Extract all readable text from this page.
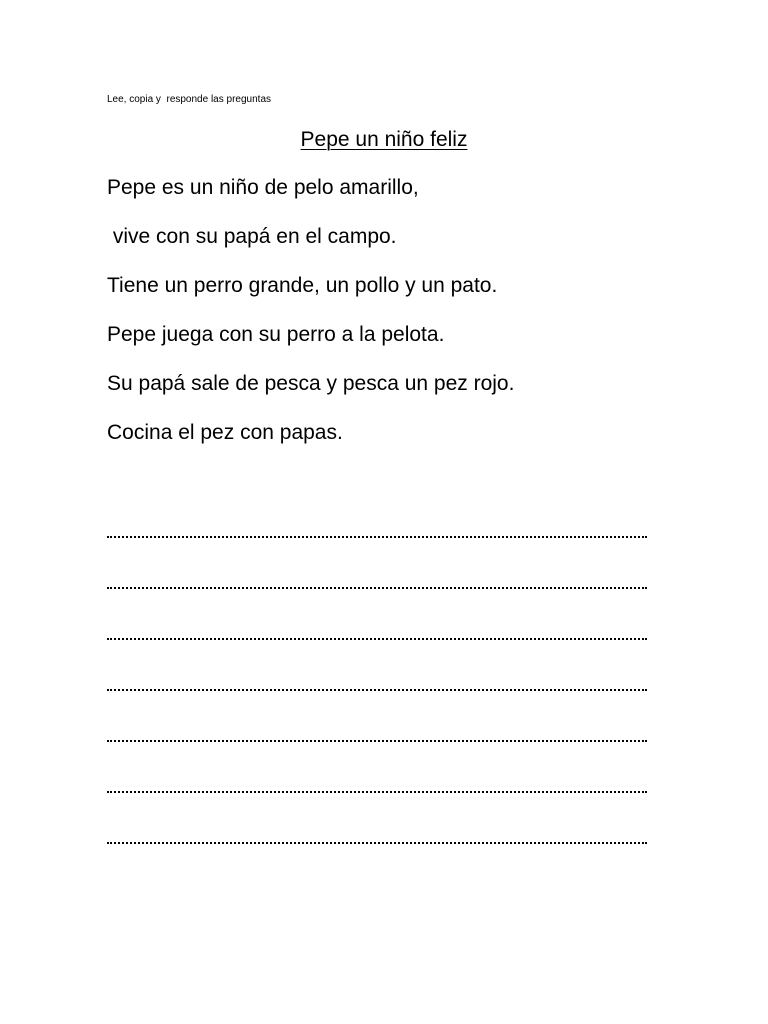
Lee, copia y  responde las preguntas
Pepe un niño feliz
Pepe es un niño de pelo amarillo,
vive con su papá en el campo.
Tiene un perro grande, un pollo y un pato.
Pepe juega con su perro a la pelota.
Su papá sale de pesca y pesca un pez rojo.
Cocina el pez con papas.
